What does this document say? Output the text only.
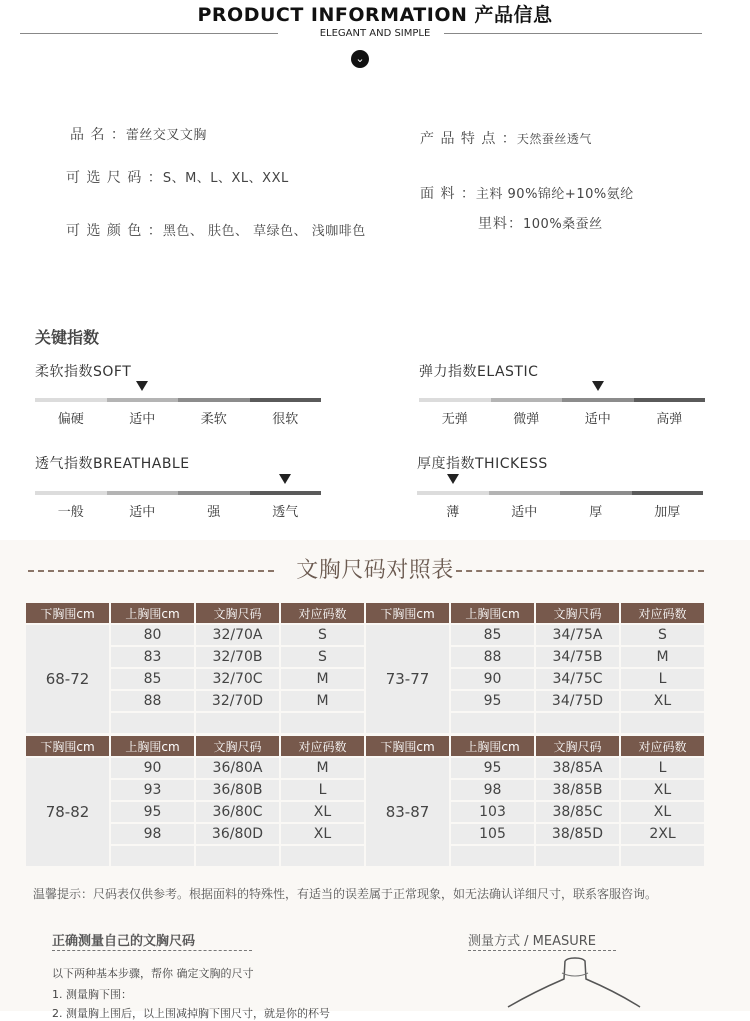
PRODUCT INFORMATION 产品信息
ELEGANT AND SIMPLE
⌄
品 名 ：蕾丝交叉文胸
可 选 尺 码 ：S、M、L、XL、XXL
可 选 颜 色 ：黑色、 肤色、 草绿色、 浅咖啡色
产 品 特 点 ：天然蚕丝透气
面 料 ：主料 90%锦纶+10%氨纶
里料：100%桑蚕丝
关键指数
柔软指数SOFT
偏硬	适中	柔软	很软
弹力指数ELASTIC
无弹	微弹	适中	高弹
透气指数BREATHABLE
一般	适中	强	透气
厚度指数THICKESS
薄	适中	厚	加厚
文胸尺码对照表
下胸围cm	上胸围cm	文胸尺码	对应码数	下胸围cm	上胸围cm	文胸尺码	对应码数
68-72	80	32/70A	S	73-77	85	34/75A	S
	83	32/70B	S		88	34/75B	M
	85	32/70C	M		90	34/75C	L
	88	32/70D	M		95	34/75D	XL

下胸围cm	上胸围cm	文胸尺码	对应码数	下胸围cm	上胸围cm	文胸尺码	对应码数
78-82	90	36/80A	M	83-87	95	38/85A	L
	93	36/80B	L		98	38/85B	XL
	95	36/80C	XL		103	38/85C	XL
	98	36/80D	XL		105	38/85D	2XL

温馨提示：尺码表仅供参考。根据面料的特殊性，有适当的误差属于正常现象，如无法确认详细尺寸，联系客服咨询。
正确测量自己的文胸尺码
以下两种基本步骤，帮你 确定文胸的尺寸
1. 测量胸下围：
2. 测量胸上围后，以上围减掉胸下围尺寸，就是你的杯号
测量方式 / MEASURE
